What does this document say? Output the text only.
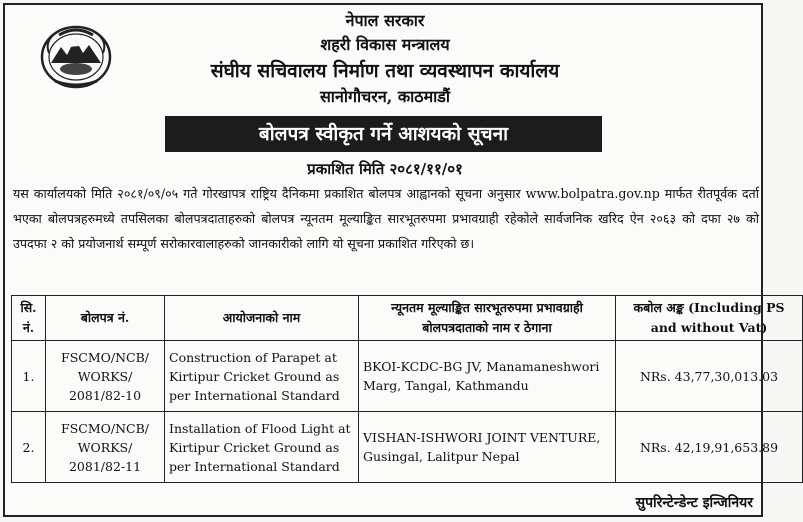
नेपाल सरकार
शहरी विकास मन्त्रालय
संघीय सचिवालय निर्माण तथा व्यवस्थापन कार्यालय
सानोगौचरन, काठमाडौं
बोलपत्र स्वीकृत गर्ने आशयको सूचना
प्रकाशित मिति २०८१/११/०१

यस कार्यालयको मिति २०८१/०९/०५ गते गोरखापत्र राष्ट्रिय दैनिकमा प्रकाशित बोलपत्र आह्वानको सूचना अनुसार www.bolpatra.gov.np मार्फत रीतपूर्वक दर्ता भएका बोलपत्रहरुमध्ये तपसिलका बोलपत्रदाताहरुको बोलपत्र न्यूनतम मूल्याङ्कित सारभूतरुपमा प्रभावग्राही रहेकोले सार्वजनिक खरिद ऐन २०६३ को दफा २७ को उपदफा २ को प्रयोजनार्थ सम्पूर्ण सरोकारवालाहरुको जानकारीको लागि यो सूचना प्रकाशित गरिएको छ।

सि. नं.	बोलपत्र नं.	आयोजनाको नाम	न्यूनतम मूल्याङ्कित सारभूतरुपमा प्रभावग्राही बोलपत्रदाताको नाम र ठेगाना	कबोल अङ्क (Including PS and without Vat)
1.	FSCMO/NCB/ WORKS/ 2081/82-10	Construction of Parapet at Kirtipur Cricket Ground as per International Standard	BKOI-KCDC-BG JV, Manamaneshwori Marg, Tangal, Kathmandu	NRs. 43,77,30,013.03
2.	FSCMO/NCB/ WORKS/ 2081/82-11	Installation of Flood Light at Kirtipur Cricket Ground as per International Standard	VISHAN-ISHWORI JOINT VENTURE, Gusingal, Lalitpur Nepal	NRs. 42,19,91,653.89
सुपरिन्टेन्डेन्ट इन्जिनियर
